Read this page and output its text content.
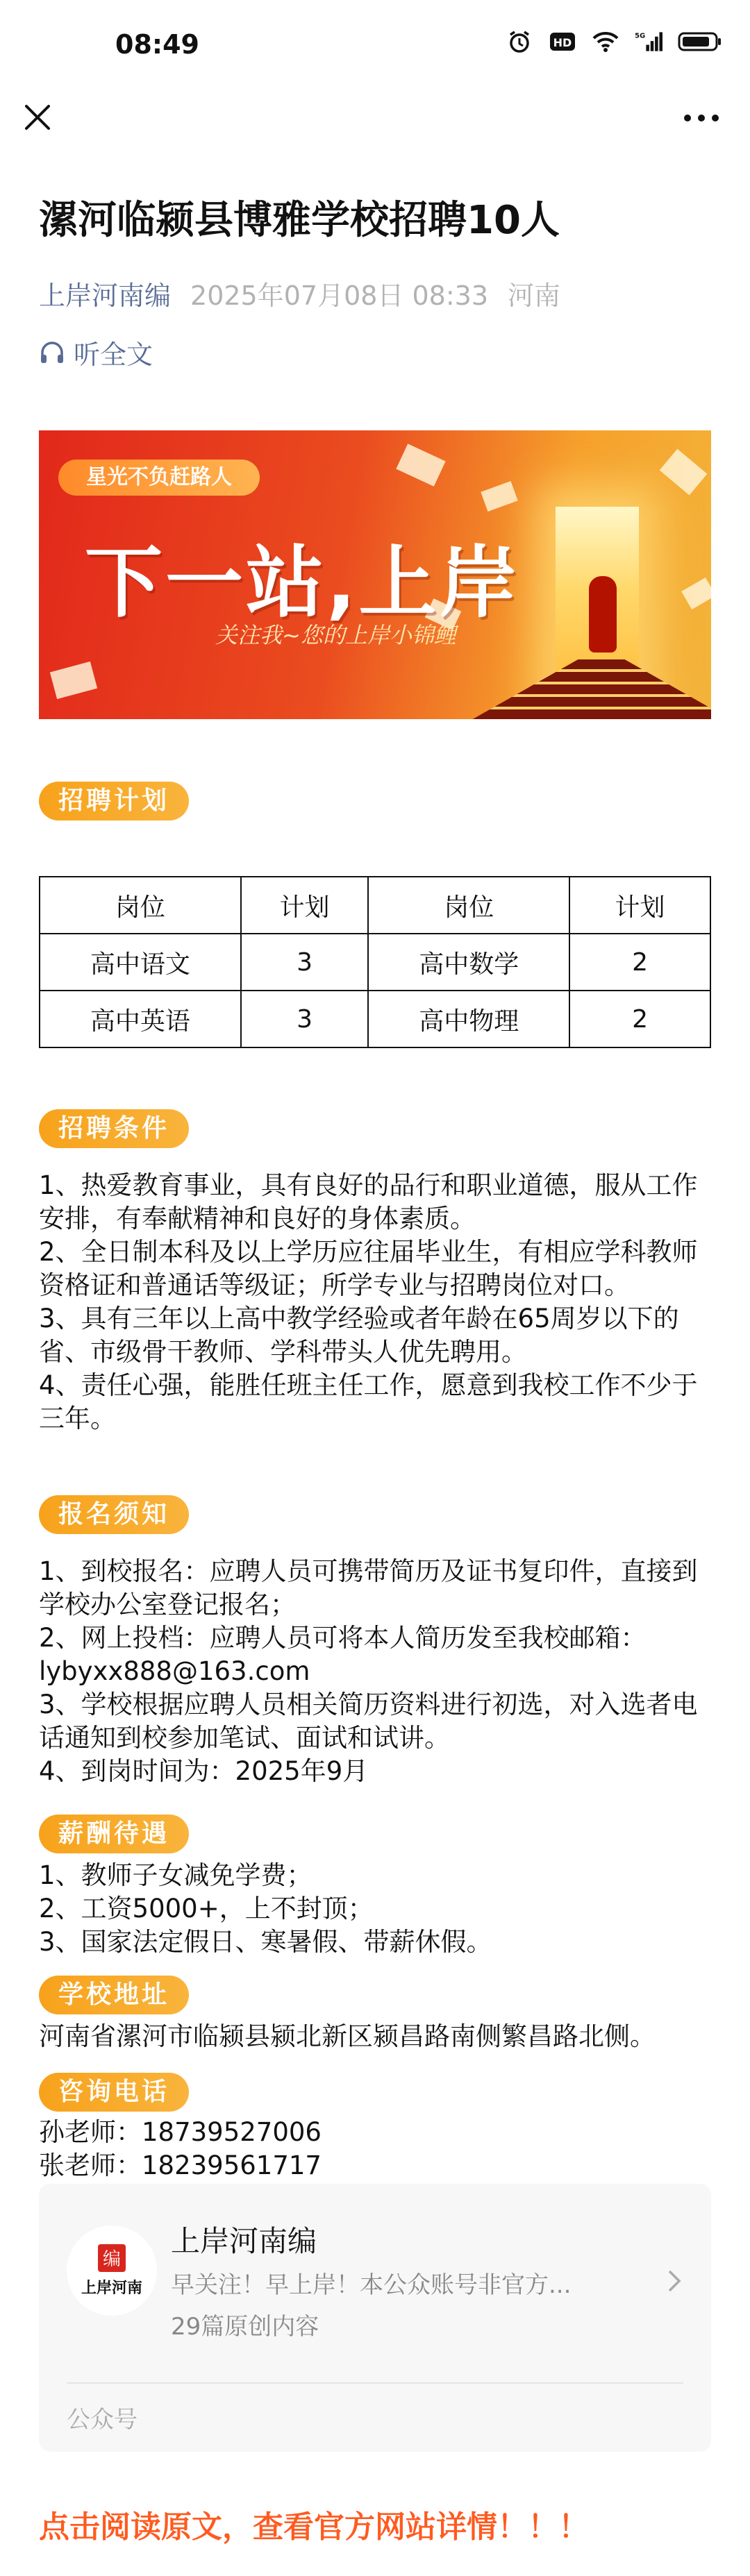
08:49	HD	5G
漯河临颍县博雅学校招聘10人
上岸河南编 2025年07月08日 08:33 河南
听全文
星光不负赶路人
下一站,上岸
关注我~您的上岸小锦鲤
招聘计划
岗位	计划	岗位	计划
高中语文	3	高中数学	2
高中英语	3	高中物理	2
招聘条件

1、热爱教育事业，具有良好的品行和职业道德，服从工作安排，有奉献精神和良好的身体素质。

2、全日制本科及以上学历应往届毕业生，有相应学科教师资格证和普通话等级证；所学专业与招聘岗位对口。

3、具有三年以上高中教学经验或者年龄在65周岁以下的省、市级骨干教师、学科带头人优先聘用。

4、责任心强，能胜任班主任工作，愿意到我校工作不少于三年。

报名须知

1、到校报名：应聘人员可携带简历及证书复印件，直接到学校办公室登记报名；

2、网上投档：应聘人员可将本人简历发至我校邮箱：lybyxx888@163.com

3、学校根据应聘人员相关简历资料进行初选，对入选者电话通知到校参加笔试、面试和试讲。

4、到岗时间为：2025年9月

薪酬待遇

1、教师子女减免学费；

2、工资5000+，上不封顶；

3、国家法定假日、寒暑假、带薪休假。

学校地址
河南省漯河市临颍县颍北新区颍昌路南侧繁昌路北侧。
咨询电话

孙老师：18739527006

张老师：18239561717

编
上岸河南
上岸河南编
早关注！早上岸！本公众账号非官方...
29篇原创内容
公众号
点击阅读原文，查看官方网站详情！！！
